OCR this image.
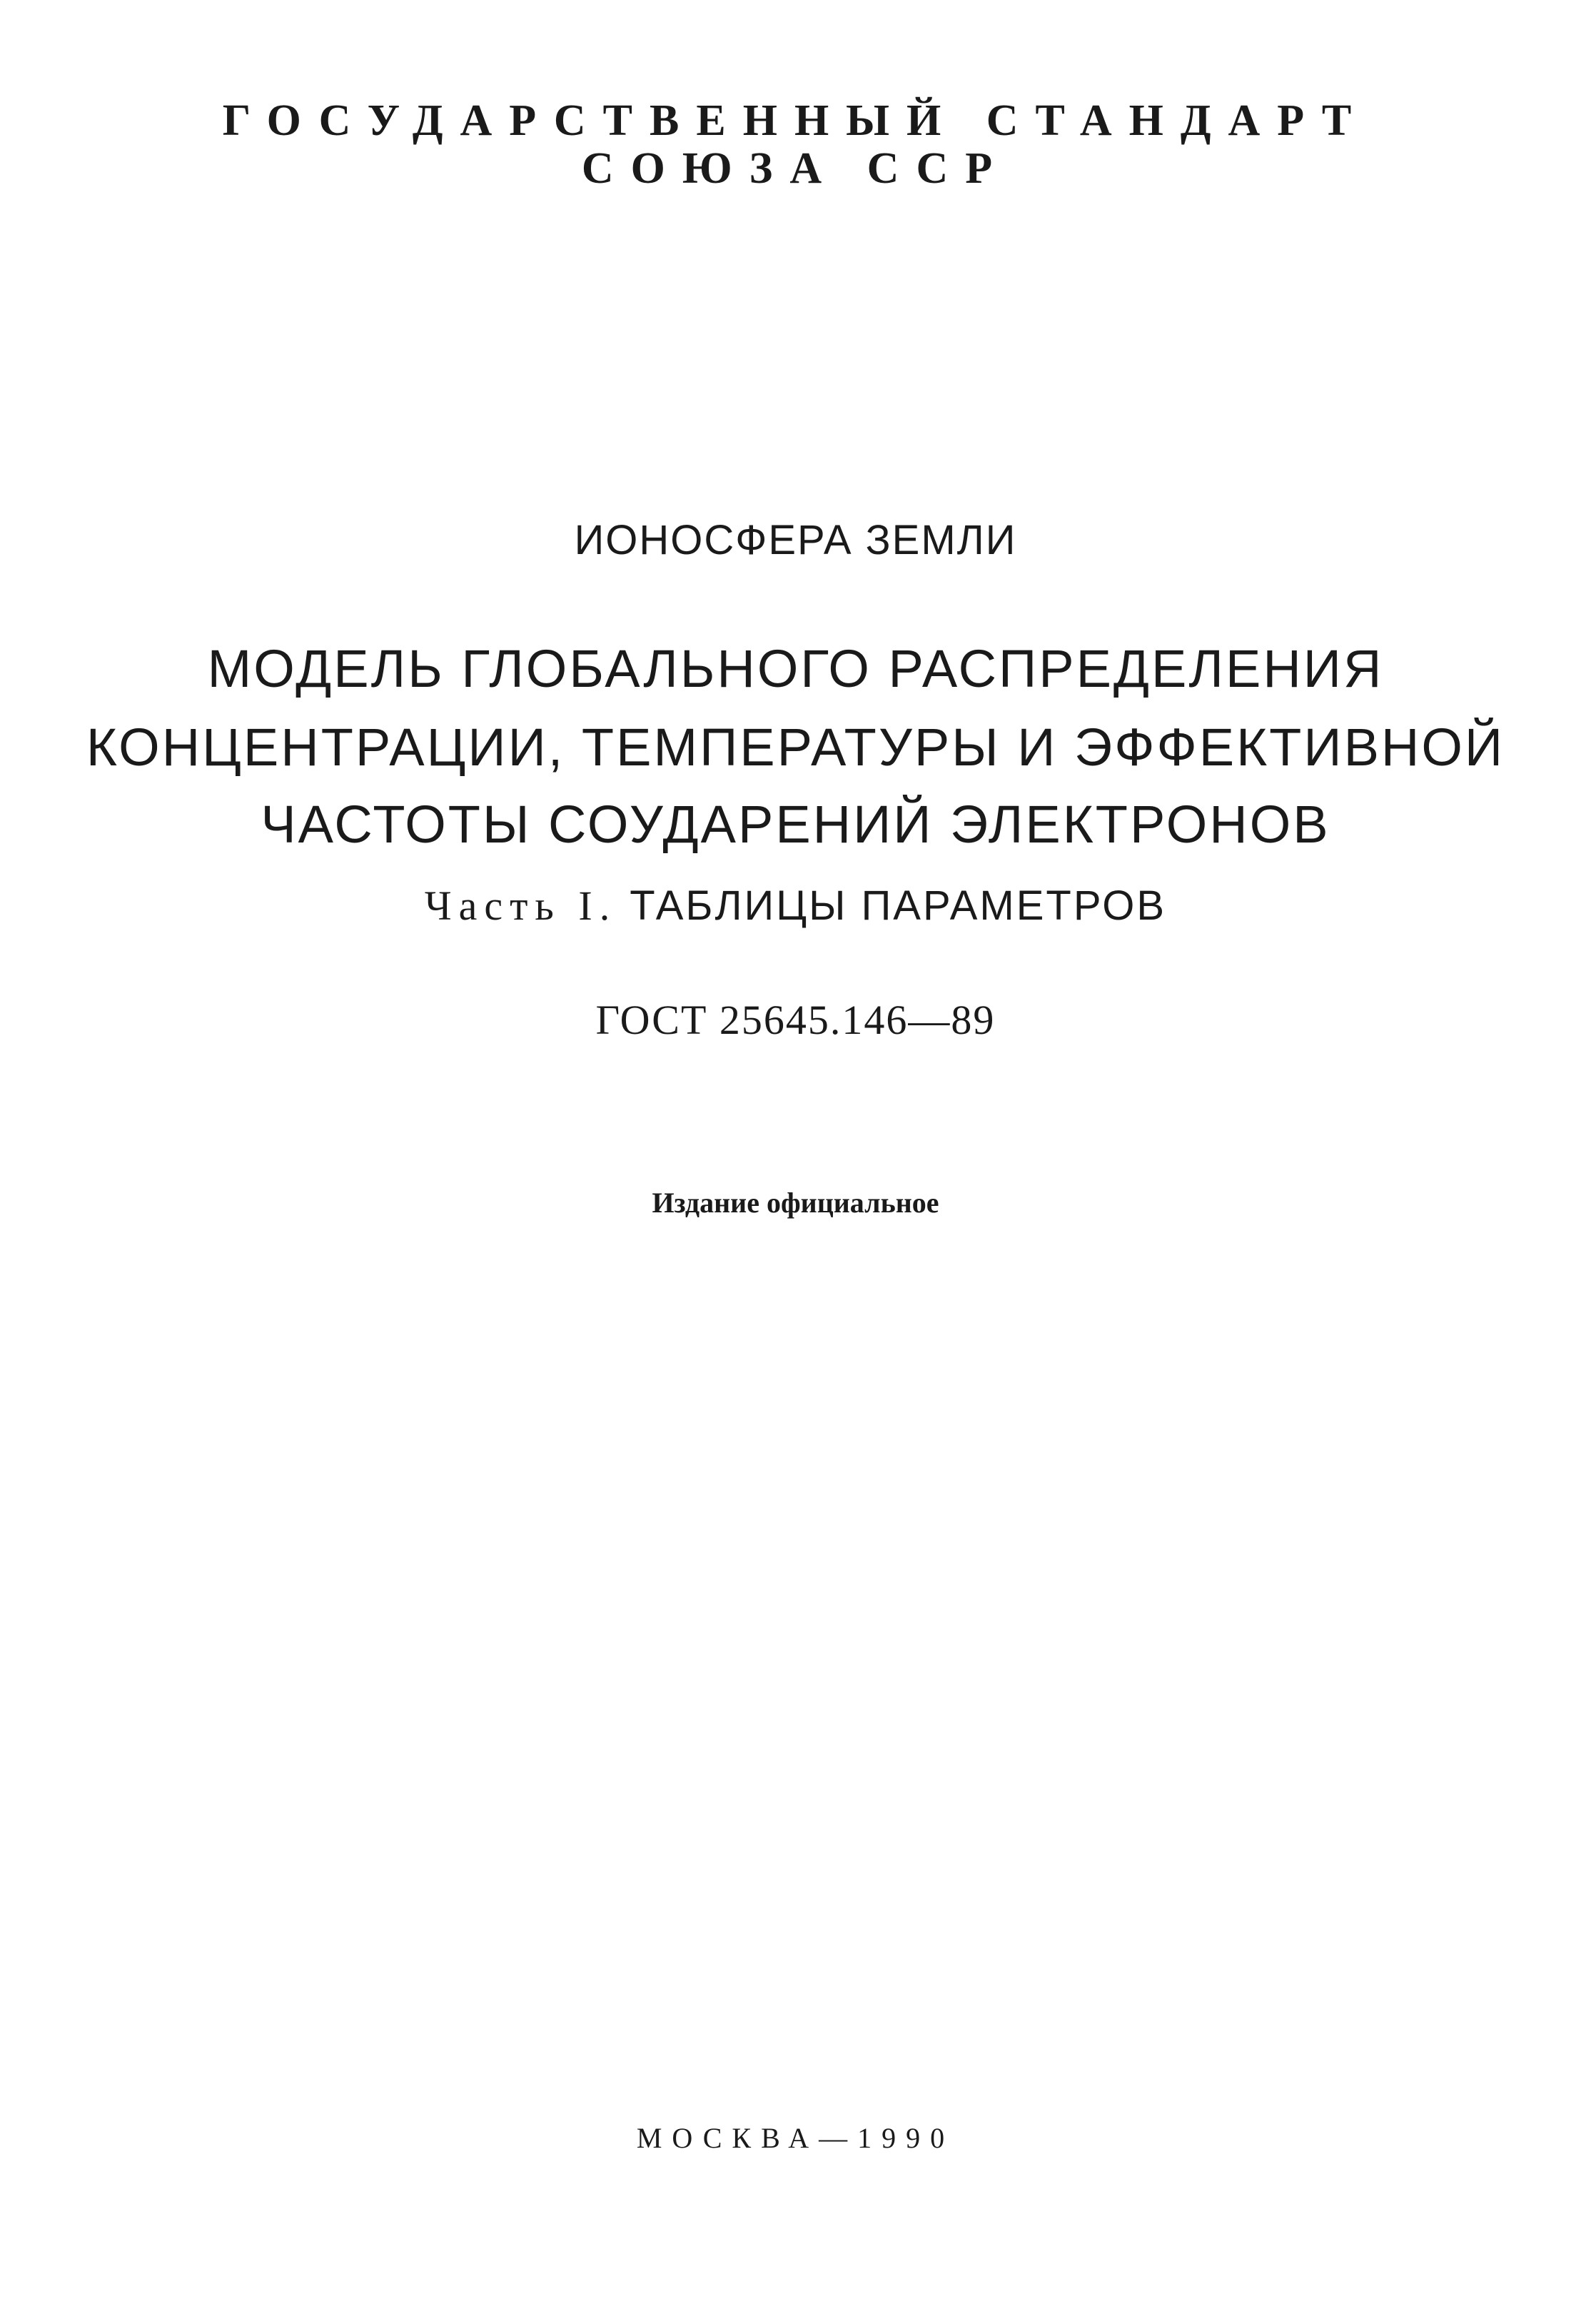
ГОСУДАРСТВЕННЫЙ СТАНДАРТ
СОЮЗА ССР
ИОНОСФЕРА ЗЕМЛИ
МОДЕЛЬ ГЛОБАЛЬНОГО РАСПРЕДЕЛЕНИЯ
КОНЦЕНТРАЦИИ, ТЕМПЕРАТУРЫ И ЭФФЕКТИВНОЙ
ЧАСТОТЫ СОУДАРЕНИЙ ЭЛЕКТРОНОВ
Часть I. ТАБЛИЦЫ ПАРАМЕТРОВ
ГОСТ 25645.146—89
Издание официальное
МОСКВА—1990
